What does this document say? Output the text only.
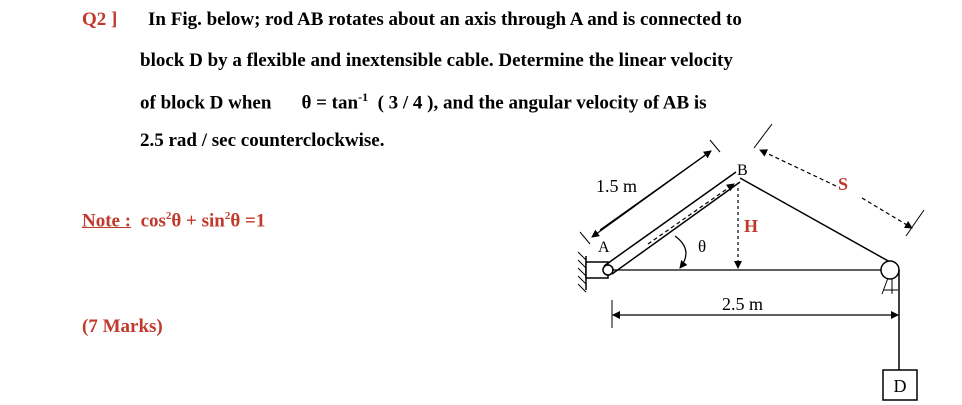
Q2 ] In Fig. below; rod AB rotates about an axis through A and is connected to
block D by a flexible and inextensible cable. Determine the linear velocity
of block D when $\theta = \tan^{-1}$ ( 3 / 4 ), and the angular velocity of AB is
2.5 rad / sec counterclockwise.
Note : $\cos^2\theta + \sin^2\theta =1$
(7 Marks)
D
1.5 m
θ
H
A
B
S
2.5 m
